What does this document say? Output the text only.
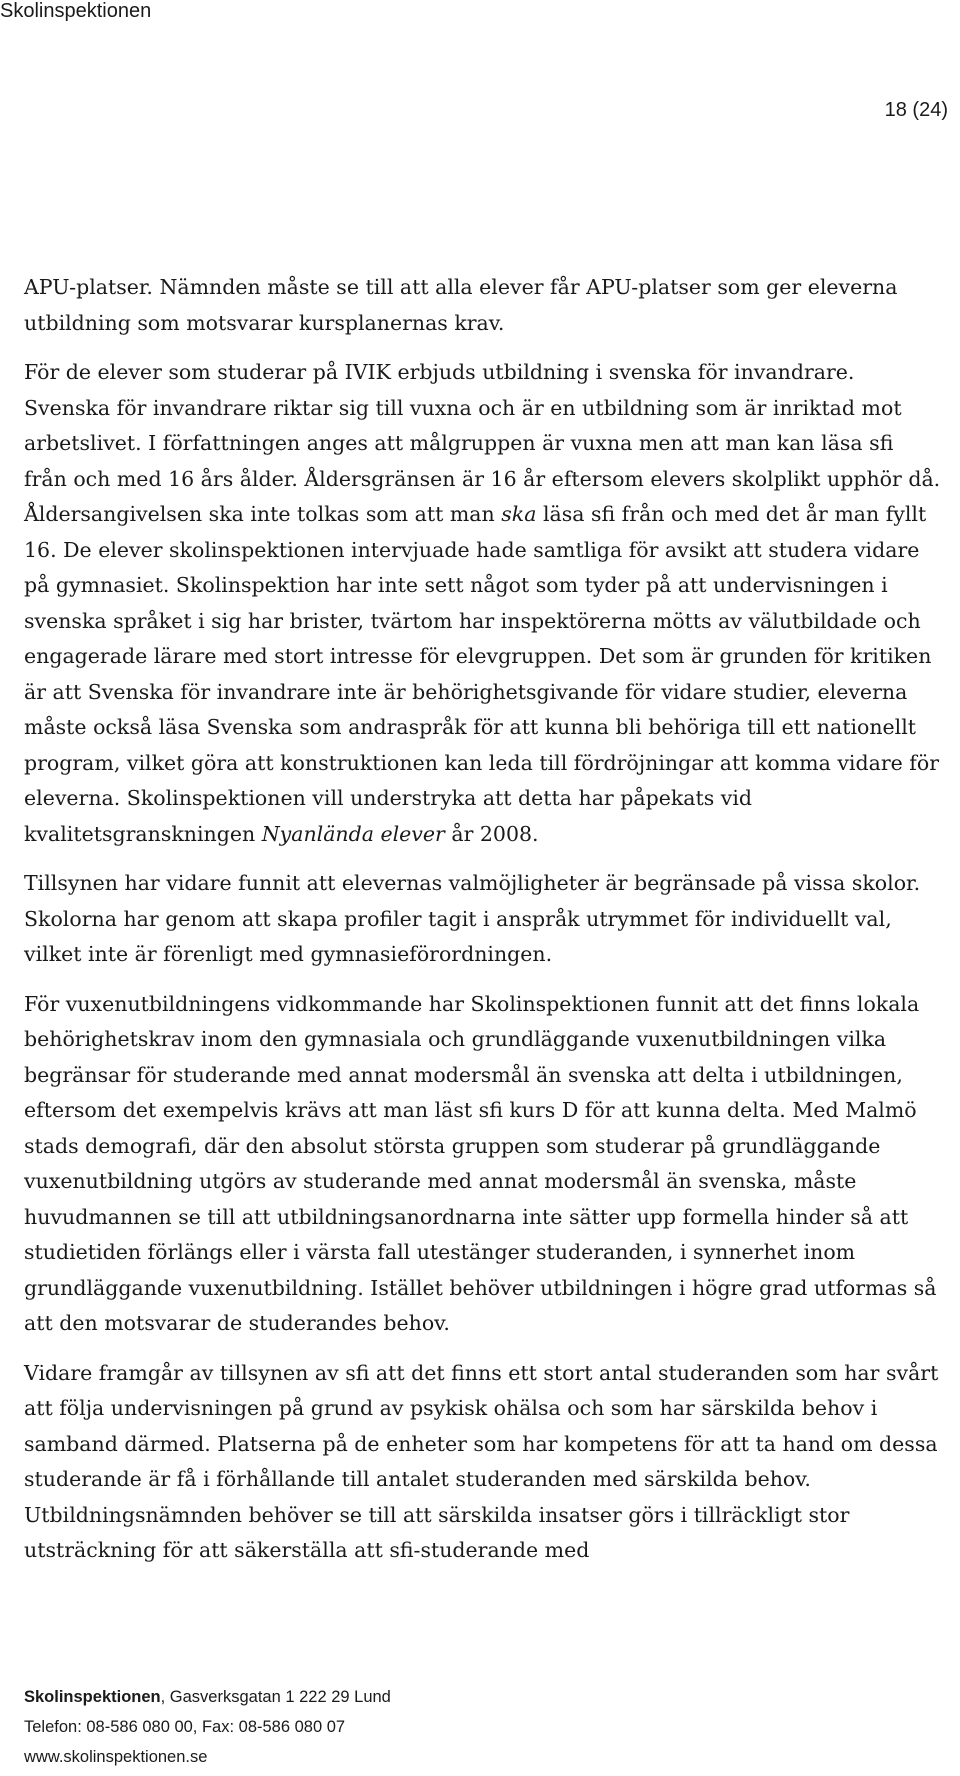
Skolinspektionen

18 (24)

APU-platser. Nämnden måste se till att alla elever får APU-platser som ger eleverna utbildning som motsvarar kursplanernas krav.

För de elever som studerar på IVIK erbjuds utbildning i svenska för invandrare. Svenska för invandrare riktar sig till vuxna och är en utbildning som är inriktad mot arbetslivet. I författningen anges att målgruppen är vuxna men att man kan läsa sfi från och med 16 års ålder. Åldersgränsen är 16 år eftersom elevers skolplikt upphör då. Åldersangivelsen ska inte tolkas som att man ska läsa sfi från och med det år man fyllt 16. De elever skolinspektionen intervjuade hade samtliga för avsikt att studera vidare på gymnasiet. Skolinspektion har inte sett något som tyder på att undervisningen i svenska språket i sig har brister, tvärtom har inspektörerna mötts av välutbildade och engagerade lärare med stort intresse för elevgruppen. Det som är grunden för kritiken är att Svenska för invandrare inte är behörighetsgivande för vidare studier, eleverna måste också läsa Svenska som andraspråk för att kunna bli behöriga till ett nationellt program, vilket göra att konstruktionen kan leda till fördröjningar att komma vidare för eleverna. Skolinspektionen vill understryka att detta har påpekats vid kvalitetsgranskningen Nyanlända elever år 2008.

Tillsynen har vidare funnit att elevernas valmöjligheter är begränsade på vissa skolor. Skolorna har genom att skapa profiler tagit i anspråk utrymmet för individuellt val, vilket inte är förenligt med gymnasieförordningen.

För vuxenutbildningens vidkommande har Skolinspektionen funnit att det finns lokala behörighetskrav inom den gymnasiala och grundläggande vuxenutbildningen vilka begränsar för studerande med annat modersmål än svenska att delta i utbildningen, eftersom det exempelvis krävs att man läst sfi kurs D för att kunna delta. Med Malmö stads demografi, där den absolut största gruppen som studerar på grundläggande vuxenutbildning utgörs av studerande med annat modersmål än svenska, måste huvudmannen se till att utbildningsanordnarna inte sätter upp formella hinder så att studietiden förlängs eller i värsta fall utestänger studeranden, i synnerhet inom grundläggande vuxenutbildning. Istället behöver utbildningen i högre grad utformas så att den motsvarar de studerandes behov.

Vidare framgår av tillsynen av sfi att det finns ett stort antal studeranden som har svårt att följa undervisningen på grund av psykisk ohälsa och som har särskilda behov i samband därmed. Platserna på de enheter som har kompetens för att ta hand om dessa studerande är få i förhållande till antalet studeranden med särskilda behov. Utbildningsnämnden behöver se till att särskilda insatser görs i tillräckligt stor utsträckning för att säkerställa att sfi-studerande med

Skolinspektionen, Gasverksgatan 1 222 29 Lund
Telefon: 08-586 080 00, Fax: 08-586 080 07
www.skolinspektionen.se
